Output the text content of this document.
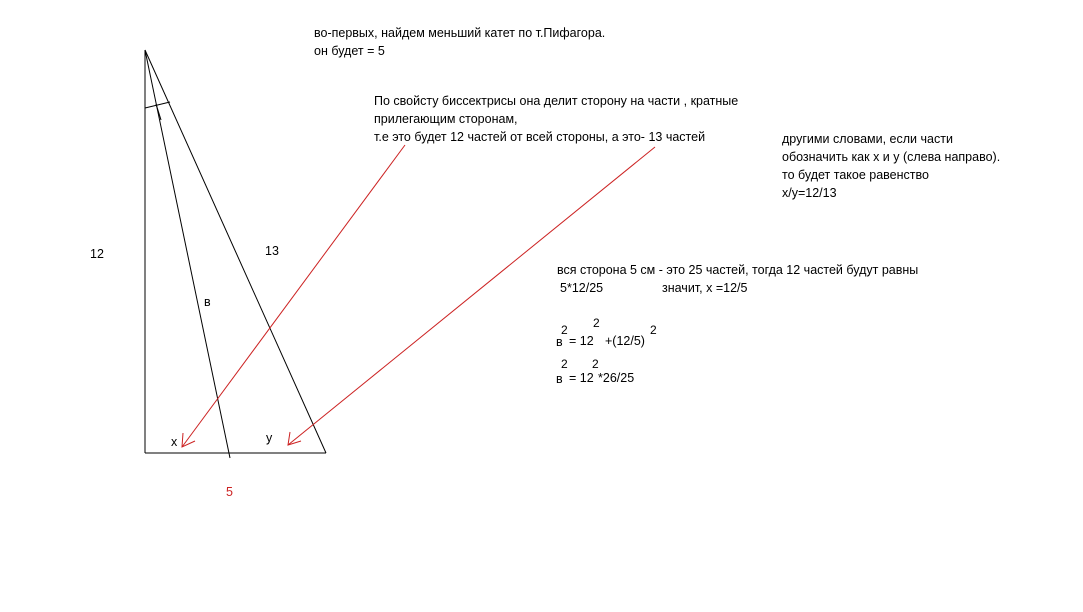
12	13
в
x	y
5
во-первых, найдем меньший катет по т.Пифагора.
он будет = 5
По свойсту биссектрисы она делит сторону на части , кратные
прилегающим сторонам,
т.е это будет 12 частей от всей стороны, а это- 13 частей	другими словами, если части
обозначить как x и y (слева направо).
то будет такое равенство
x/y=12/13
вся сторона 5 см - это 25 частей, тогда 12 частей будут равны
5*12/25	значит, x =12/5
в
2
= 12
2
+(12/5)
2
в
2
= 12
2
*26/25
